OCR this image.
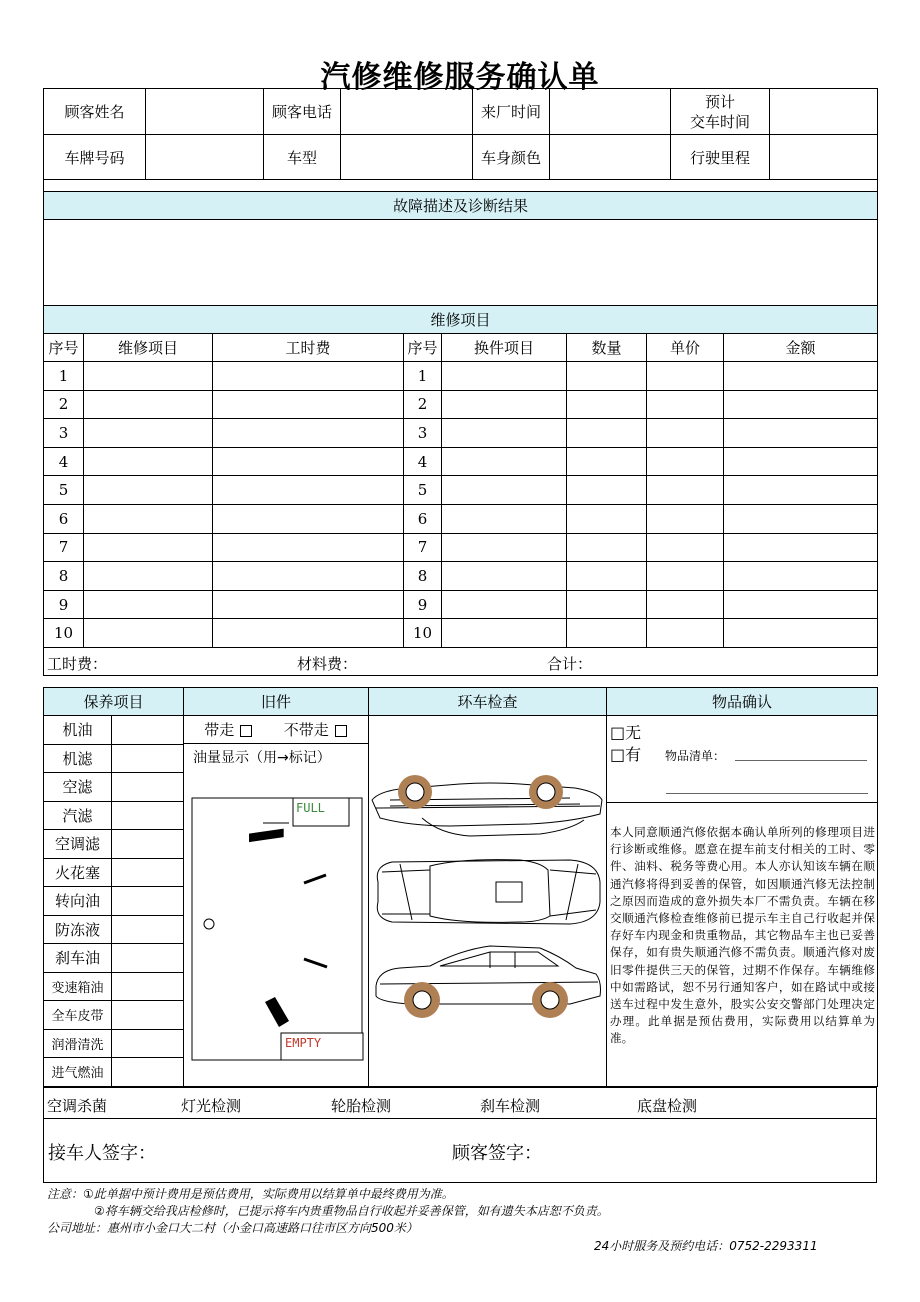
汽修维修服务确认单
顾客姓名		顾客电话		来厂时间		预计
交车时间	

车牌号码		车型		车身颜色		行驶里程	

故障描述及诊断结果							

维修项目							
序号	维修项目	工时费	序号	换件项目	数量	单价	金额
1			1				
2			2				
3			3				
4			4				
5			5				
6			6				
7			7				
8			8				
9			9				
10			10				

工时费： 材料费： 合计：							
保养项目		旧件	环车检查	物品确认
机油				
机滤				
空滤				
汽滤				
空调滤				
火花塞				
转向油				
防冻液				
刹车油				
变速箱油				
全车皮带				
润滑清洗				
进气燃油				
带走	不带走
油量显示（用→标记）
FULL
EMPTY
□无
□有 物品清单：
本人同意顺通汽修依据本确认单所列的修理项目进行诊断或维修。愿意在提车前支付相关的工时、零件、油料、税务等费心用。本人亦认知该车辆在顺通汽修将得到妥善的保管，如因顺通汽修无法控制之原因而造成的意外损失本厂不需负责。车辆在移交顺通汽修检查维修前已提示车主自己行收起并保存好车内现金和贵重物品，其它物品车主也已妥善保存，如有贵失顺通汽修不需负责。顺通汽修对废旧零件提供三天的保管，过期不作保存。车辆维修中如需路试，恕不另行通知客户，如在路试中或接送车过程中发生意外，股实公安交警部门处理决定办理。此单据是预估费用，实际费用以结算单为准。
空调杀菌	灯光检测	轮胎检测	刹车检测	底盘检测

接车人签字：	顾客签字：
注意：①此单据中预计费用是预估费用，实际费用以结算单中最终费用为准。
②将车辆交给我店检修时，已提示将车内贵重物品自行收起并妥善保管，如有遗失本店恕不负责。
公司地址：惠州市小金口大二村（小金口高速路口往市区方向500米）
24小时服务及预约电话：0752-2293311
